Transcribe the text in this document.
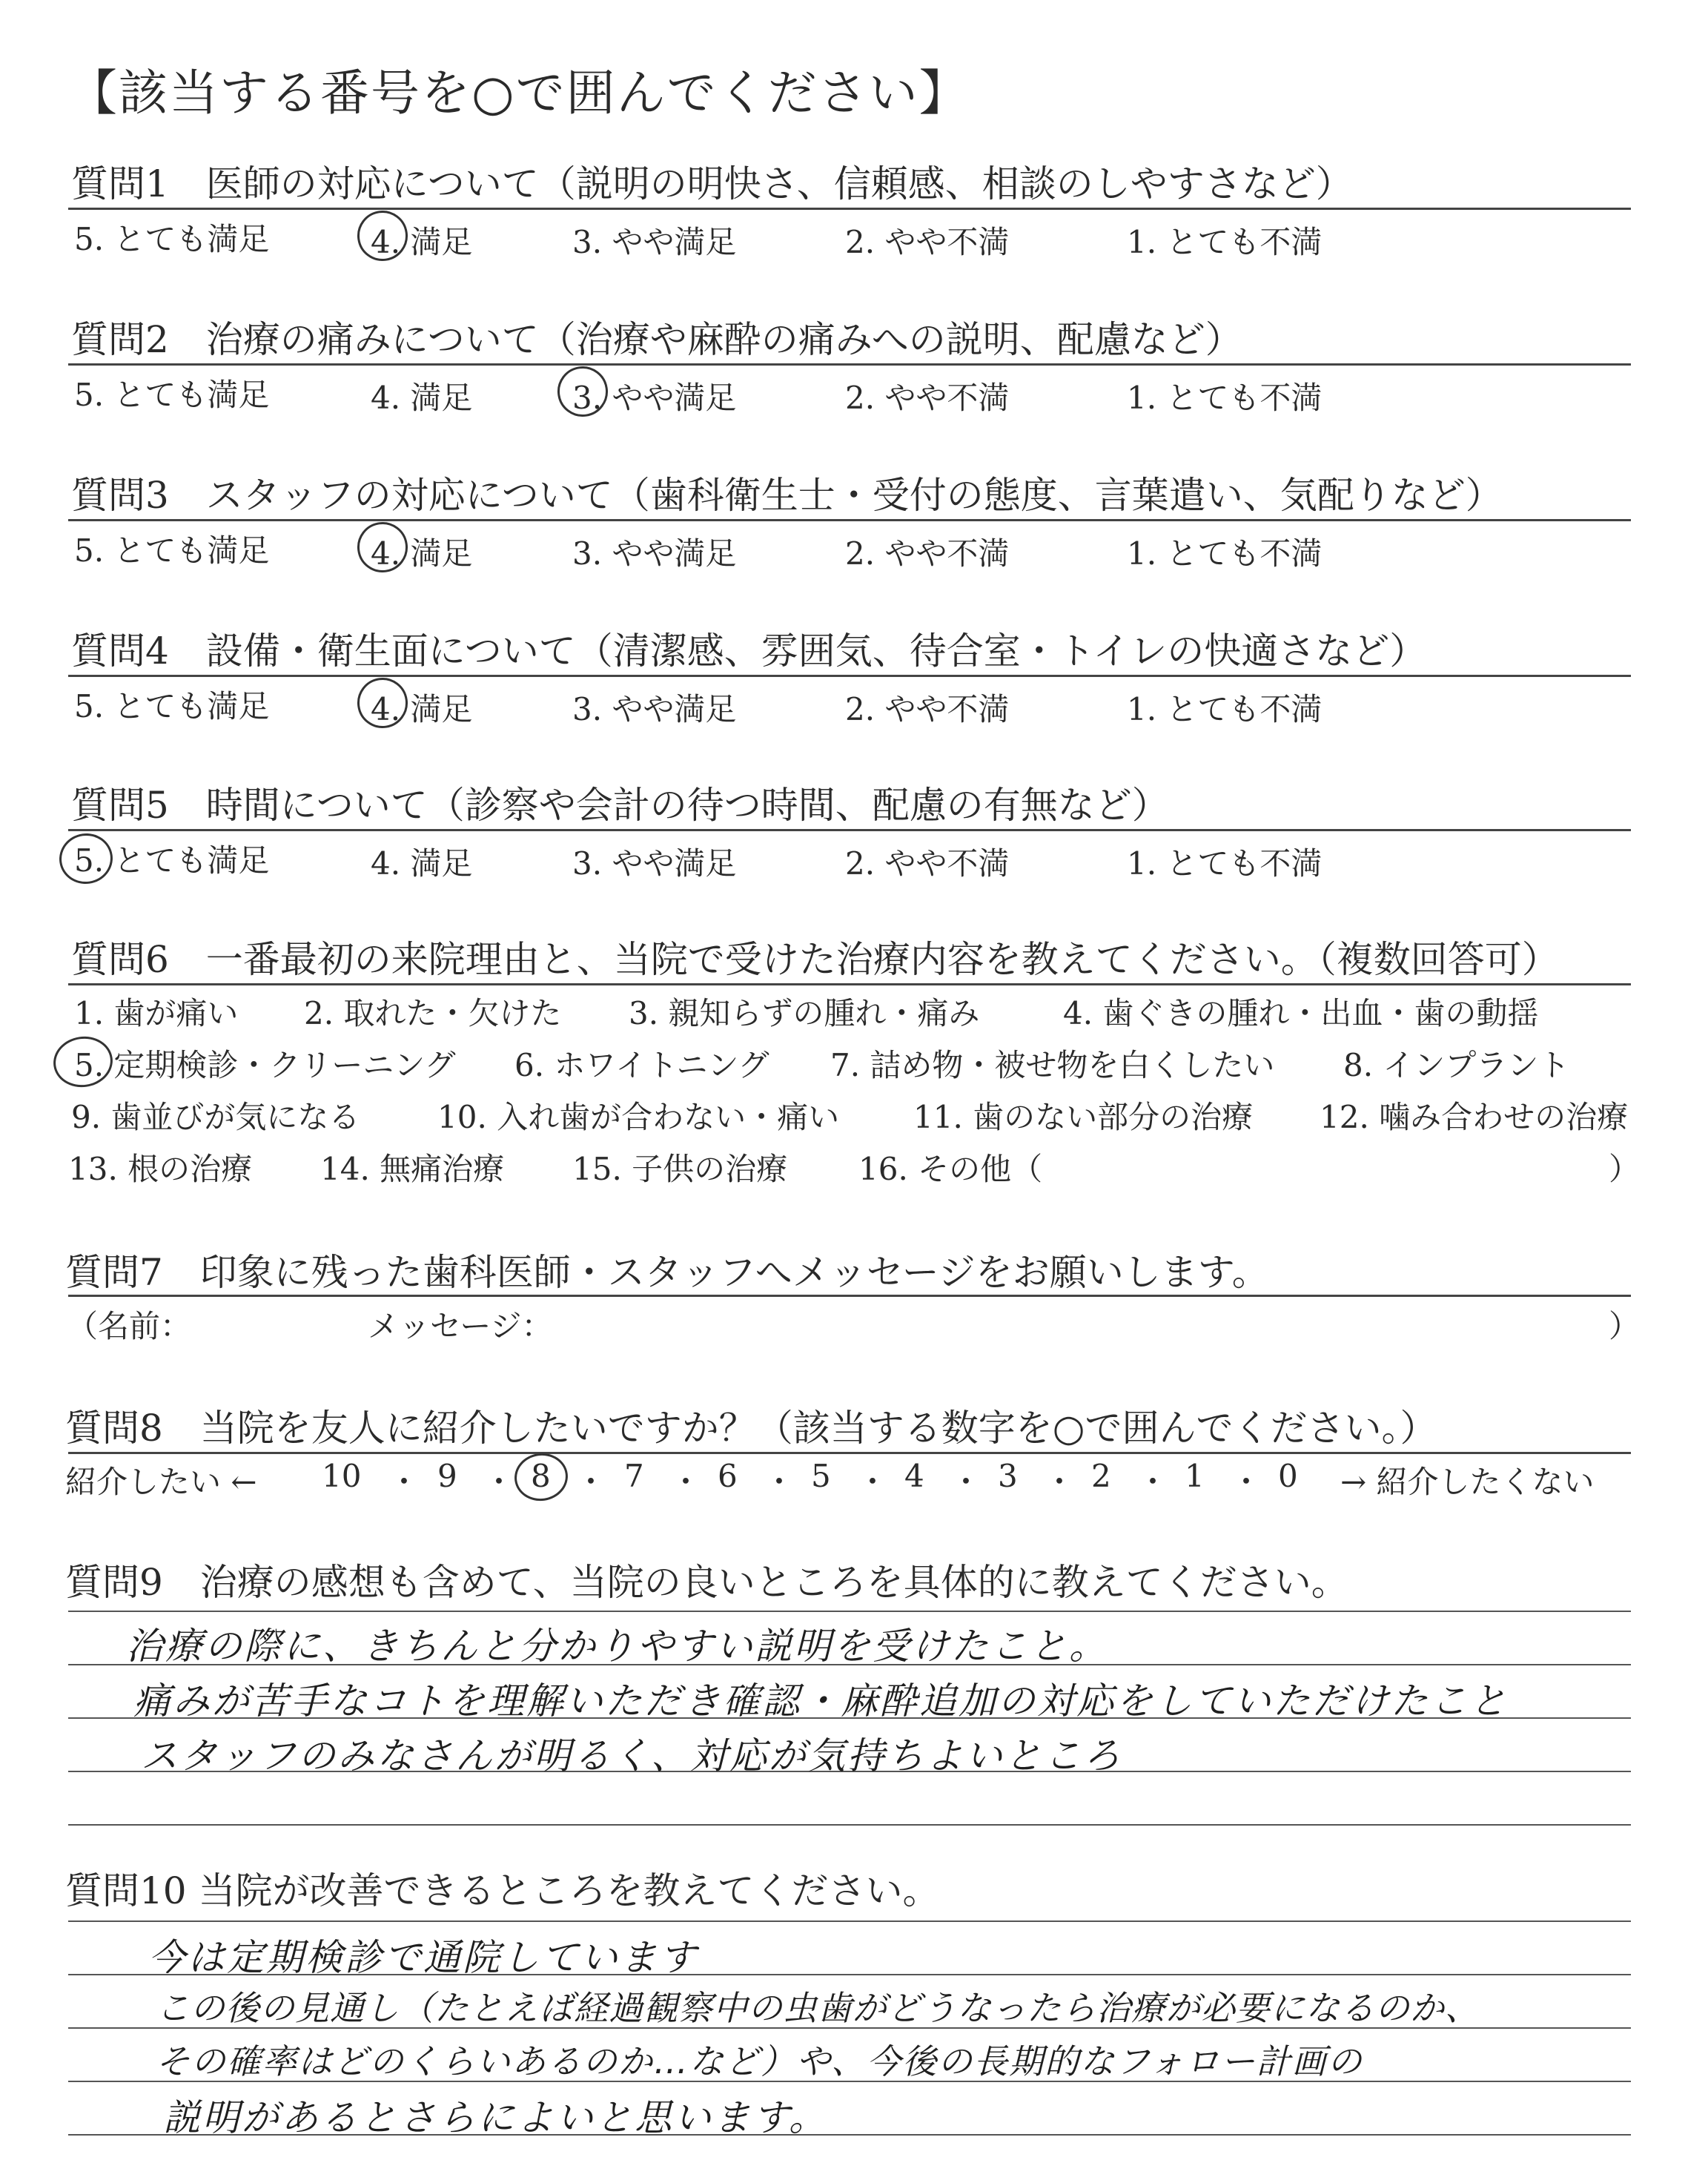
【該当する番号を○で囲んでください】
質問1　医師の対応について（説明の明快さ、信頼感、相談のしやすさなど）
5. とても満足	4. 満足	3. やや満足	2. やや不満	1. とても不満
質問2　治療の痛みについて（治療や麻酔の痛みへの説明、配慮など）
5. とても満足	4. 満足	3. やや満足	2. やや不満	1. とても不満
質問3　スタッフの対応について（歯科衛生士・受付の態度、言葉遣い、気配りなど）
5. とても満足	4. 満足	3. やや満足	2. やや不満	1. とても不満
質問4　設備・衛生面について（清潔感、雰囲気、待合室・トイレの快適さなど）
5. とても満足	4. 満足	3. やや満足	2. やや不満	1. とても不満
質問5　時間について（診察や会計の待つ時間、配慮の有無など）
5. とても満足	4. 満足	3. やや満足	2. やや不満	1. とても不満
質問6　一番最初の来院理由と、当院で受けた治療内容を教えてください。（複数回答可）
1. 歯が痛い 2. 取れた・欠けた 3. 親知らずの腫れ・痛み	4. 歯ぐきの腫れ・出血・歯の動揺
5. 定期検診・クリーニング 6. ホワイトニング 7. 詰め物・被せ物を白くしたい 8. インプラント
9. 歯並びが気になる 10. 入れ歯が合わない・痛い 11. 歯のない部分の治療 12. 噛み合わせの治療
13. 根の治療 14. 無痛治療 15. 子供の治療 16. その他（	）
質問7　印象に残った歯科医師・スタッフへメッセージをお願いします。
（名前：	メッセージ：	）
質問8　当院を友人に紹介したいですか？（該当する数字を○で囲んでください。）
紹介したい ← 10 ・ 9 ・ 8 ・ 7 ・ 6 ・ 5 ・ 4 ・ 3 ・ 2 ・ 1 ・ 0 → 紹介したくない
質問9　治療の感想も含めて、当院の良いところを具体的に教えてください。
治療の際に、きちんと分かりやすい説明を受けたこと。
痛みが苦手なコトを理解いただき確認・麻酔追加の対応をしていただけたこと
スタッフのみなさんが明るく、対応が気持ちよいところ
質問10 当院が改善できるところを教えてください。
今は定期検診で通院しています
この後の見通し（たとえば経過観察中の虫歯がどうなったら治療が必要になるのか、
その確率はどのくらいあるのか…など）や、今後の長期的なフォロー計画の
説明があるとさらによいと思います。
